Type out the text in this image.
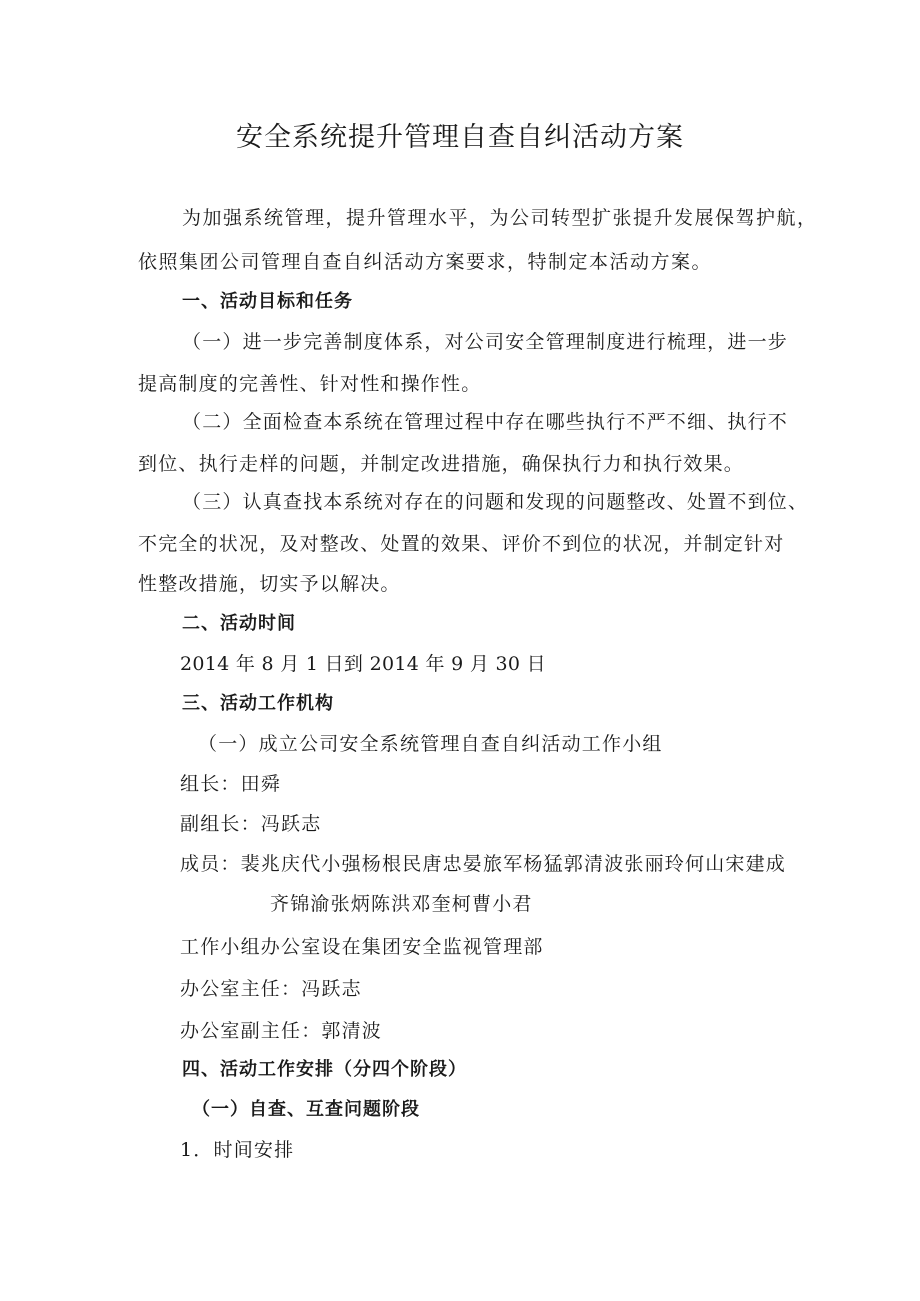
安全系统提升管理自查自纠活动方案
为加强系统管理，提升管理水平，为公司转型扩张提升发展保驾护航，
依照集团公司管理自查自纠活动方案要求，特制定本活动方案。
一、活动目标和任务
（一）进一步完善制度体系，对公司安全管理制度进行梳理，进一步
提高制度的完善性、针对性和操作性。
（二）全面检查本系统在管理过程中存在哪些执行不严不细、执行不
到位、执行走样的问题，并制定改进措施，确保执行力和执行效果。
（三）认真查找本系统对存在的问题和发现的问题整改、处置不到位、
不完全的状况，及对整改、处置的效果、评价不到位的状况，并制定针对
性整改措施，切实予以解决。
二、活动时间
2014 年 8 月 1 日到 2014 年 9 月 30 日
三、活动工作机构
（一）成立公司安全系统管理自查自纠活动工作小组
组长：田舜
副组长：冯跃志
成员：裴兆庆代小强杨根民唐忠晏旅军杨猛郭清波张丽玲何山宋建成
齐锦渝张炳陈洪邓奎柯曹小君
工作小组办公室设在集团安全监视管理部
办公室主任：冯跃志
办公室副主任：郭清波
四、活动工作安排（分四个阶段）
（一）自查、互查问题阶段
1．时间安排
